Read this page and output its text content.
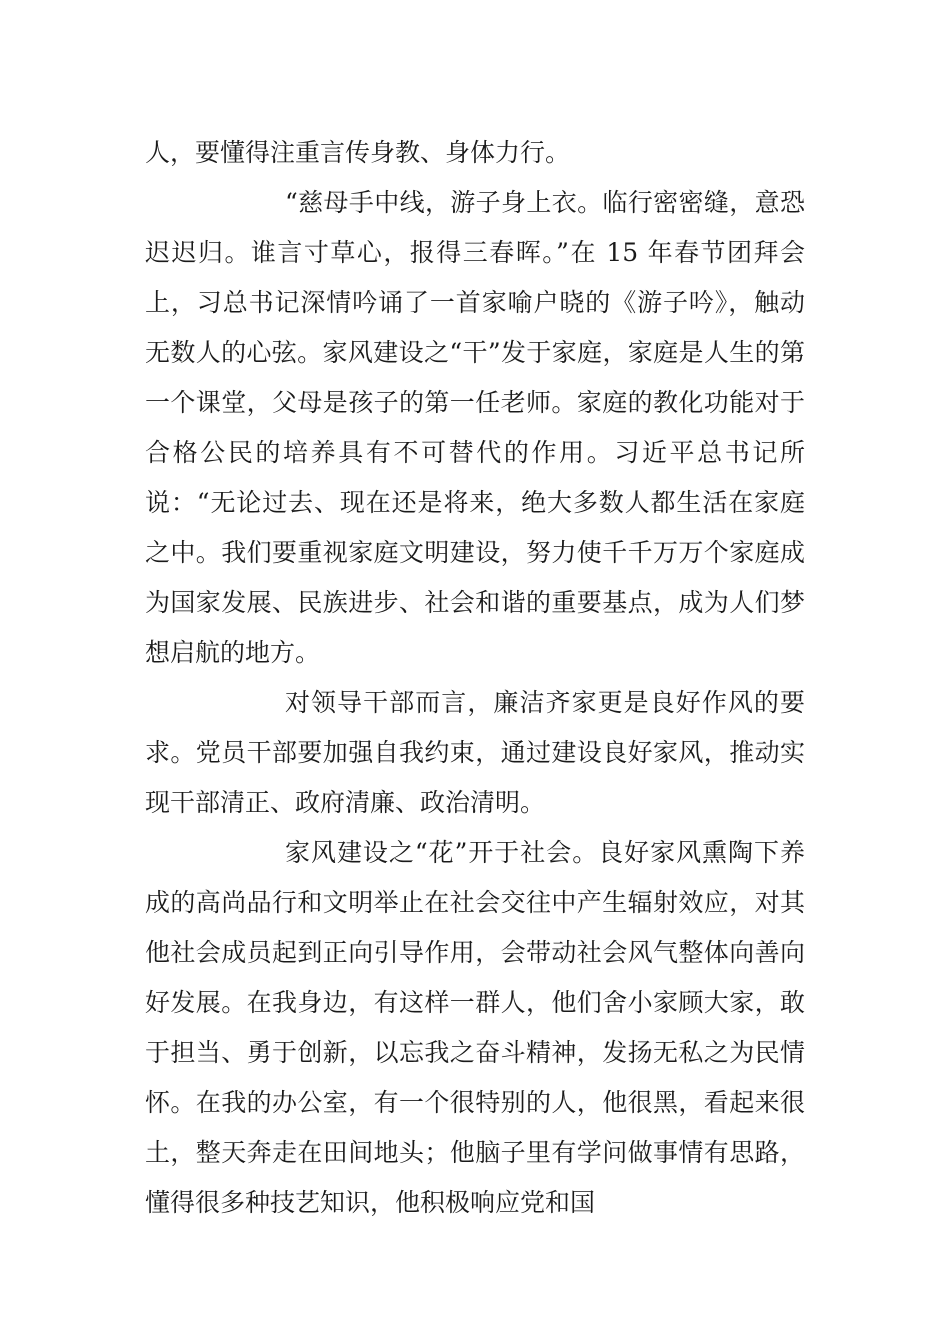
人，要懂得注重言传身教、身体力行。

“慈母手中线，游子身上衣。临行密密缝，意恐迟迟归。谁言寸草心，报得三春晖。”在 15 年春节团拜会上，习总书记深情吟诵了一首家喻户晓的《游子吟》，触动无数人的心弦。家风建设之“干”发于家庭，家庭是人生的第一个课堂，父母是孩子的第一任老师。家庭的教化功能对于合格公民的培养具有不可替代的作用。习近平总书记所说：“无论过去、现在还是将来，绝大多数人都生活在家庭之中。我们要重视家庭文明建设，努力使千千万万个家庭成为国家发展、民族进步、社会和谐的重要基点，成为人们梦想启航的地方。

对领导干部而言，廉洁齐家更是良好作风的要求。党员干部要加强自我约束，通过建设良好家风，推动实现干部清正、政府清廉、政治清明。

家风建设之“花”开于社会。良好家风熏陶下养成的高尚品行和文明举止在社会交往中产生辐射效应，对其他社会成员起到正向引导作用，会带动社会风气整体向善向好发展。在我身边，有这样一群人，他们舍小家顾大家，敢于担当、勇于创新，以忘我之奋斗精神，发扬无私之为民情怀。在我的办公室，有一个很特别的人，他很黑，看起来很土，整天奔走在田间地头；他脑子里有学问做事情有思路，懂得很多种技艺知识，他积极响应党和国
